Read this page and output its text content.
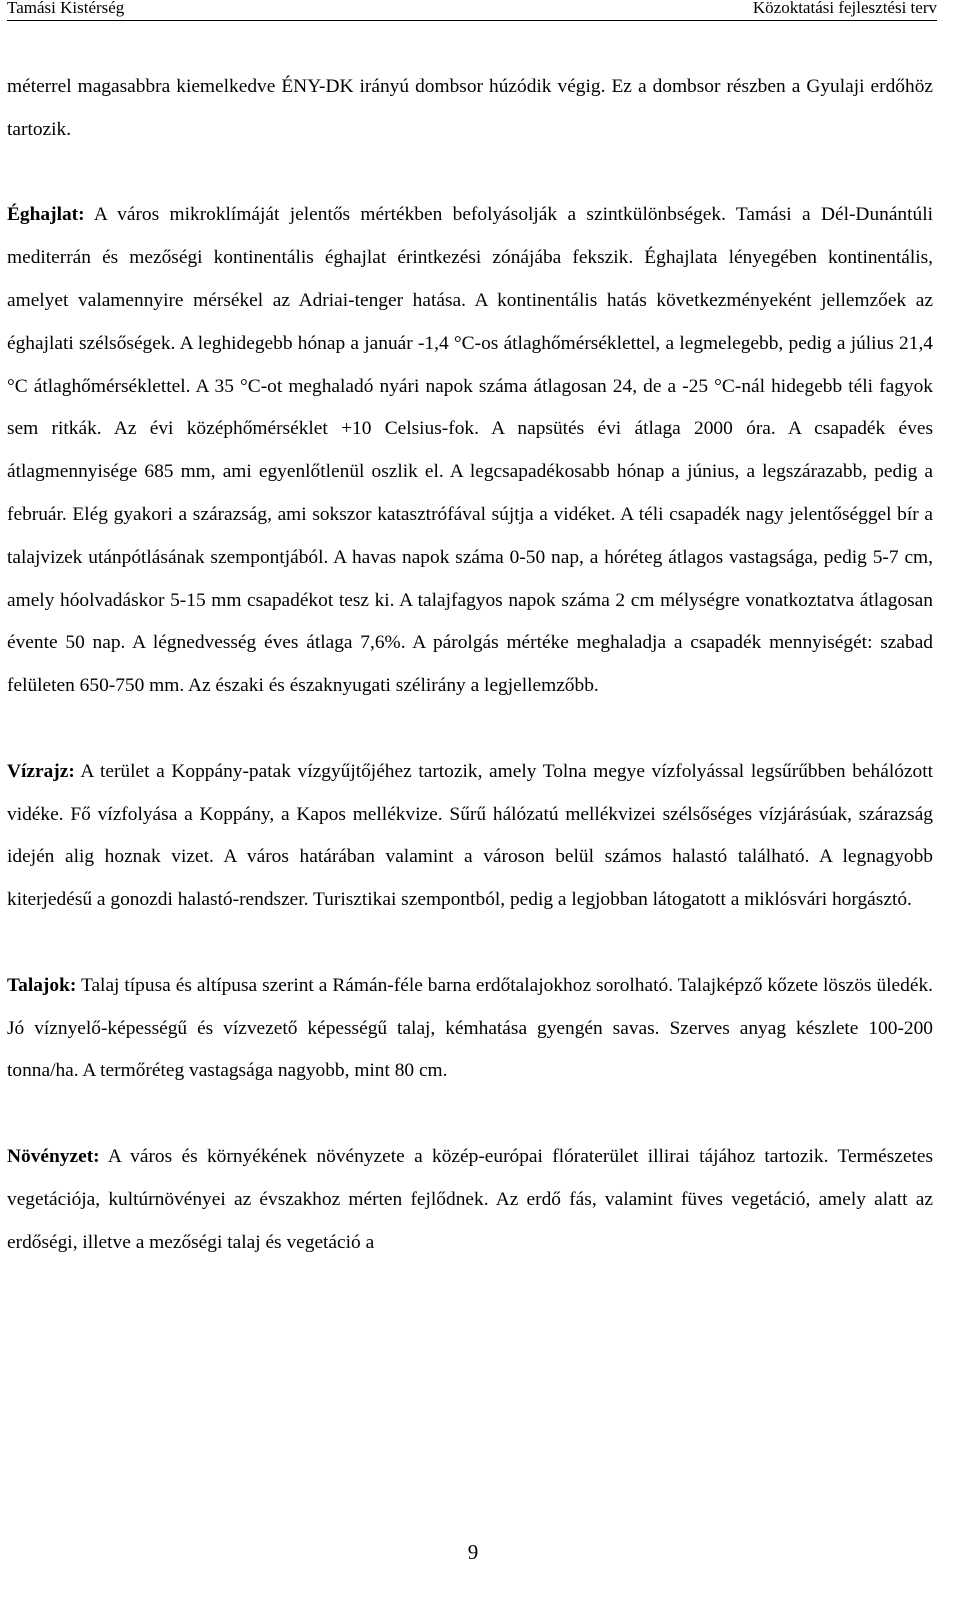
Tamási Kistérség	Közoktatási fejlesztési terv

méterrel magasabbra kiemelkedve ÉNY-DK irányú dombsor húzódik végig. Ez a dombsor részben a Gyulaji erdőhöz tartozik.

Éghajlat: A város mikroklímáját jelentős mértékben befolyásolják a szintkülönbségek. Tamási a Dél-Dunántúli mediterrán és mezőségi kontinentális éghajlat érintkezési zónájába fekszik. Éghajlata lényegében kontinentális, amelyet valamennyire mérsékel az Adriai-tenger hatása. A kontinentális hatás következményeként jellemzőek az éghajlati szélsőségek. A leghidegebb hónap a január -1,4 °C-os átlaghőmérséklettel, a legmelegebb, pedig a július 21,4 °C átlaghőmérséklettel. A 35 °C-ot meghaladó nyári napok száma átlagosan 24, de a -25 °C-nál hidegebb téli fagyok sem ritkák. Az évi középhőmérséklet +10 Celsius-fok. A napsütés évi átlaga 2000 óra. A csapadék éves átlagmennyisége 685 mm, ami egyenlőtlenül oszlik el. A legcsapadékosabb hónap a június, a legszárazabb, pedig a február. Elég gyakori a szárazság, ami sokszor katasztrófával sújtja a vidéket. A téli csapadék nagy jelentőséggel bír a talajvizek utánpótlásának szempontjából. A havas napok száma 0-50 nap, a hóréteg átlagos vastagsága, pedig 5-7 cm, amely hóolvadáskor 5-15 mm csapadékot tesz ki. A talajfagyos napok száma 2 cm mélységre vonatkoztatva átlagosan évente 50 nap. A légnedvesség éves átlaga 7,6%. A párolgás mértéke meghaladja a csapadék mennyiségét: szabad felületen 650-750 mm. Az északi és északnyugati szélirány a legjellemzőbb.

Vízrajz: A terület a Koppány-patak vízgyűjtőjéhez tartozik, amely Tolna megye vízfolyással legsűrűbben behálózott vidéke. Fő vízfolyása a Koppány, a Kapos mellékvize. Sűrű hálózatú mellékvizei szélsőséges vízjárásúak, szárazság idején alig hoznak vizet. A város határában valamint a városon belül számos halastó található. A legnagyobb kiterjedésű a gonozdi halastó-rendszer. Turisztikai szempontból, pedig a legjobban látogatott a miklósvári horgásztó.

Talajok: Talaj típusa és altípusa szerint a Rámán-féle barna erdőtalajokhoz sorolható. Talajképző kőzete löszös üledék. Jó víznyelő-képességű és vízvezető képességű talaj, kémhatása gyengén savas. Szerves anyag készlete 100-200 tonna/ha. A termőréteg vastagsága nagyobb, mint 80 cm.

Növényzet: A város és környékének növényzete a közép-európai flóraterület illirai tájához tartozik. Természetes vegetációja, kultúrnövényei az évszakhoz mérten fejlődnek. Az erdő fás, valamint füves vegetáció, amely alatt az erdőségi, illetve a mezőségi talaj és vegetáció a

9
